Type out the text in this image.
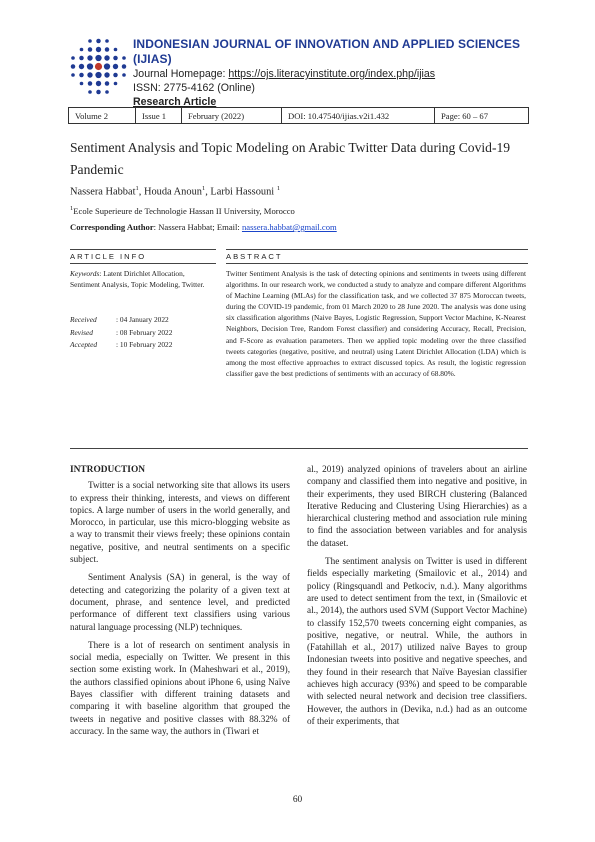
INDONESIAN JOURNAL OF INNOVATION AND APPLIED SCIENCES (IJIAS)
Journal Homepage: https://ojs.literacyinstitute.org/index.php/ijias
ISSN: 2775-4162 (Online)
Research Article
Volume 2	Issue 1	February (2022)	DOI: 10.47540/ijias.v2i1.432	Page: 60 – 67
Sentiment Analysis and Topic Modeling on Arabic Twitter Data during Covid-19 Pandemic
Nassera Habbat$^1$, Houda Anoun$^1$, Larbi Hassouni $^1$
$^1$Ecole Superieure de Technologie Hassan II University, Morocco
Corresponding Author: Nassera Habbat; Email: nassera.habbat@gmail.com
ARTICLE INFO	ABSTRACT
Keywords: Latent Dirichlet Allocation, Sentiment Analysis, Topic Modeling, Twitter.
Received	: 04 January 2022
Revised	: 08 February 2022
Accepted	: 10 February 2022
Twitter Sentiment Analysis is the task of detecting opinions and sentiments in tweets using different algorithms. In our research work, we conducted a study to analyze and compare different Algorithms of Machine Learning (MLAs) for the classification task, and we collected 37 875 Moroccan tweets, during the COVID-19 pandemic, from 01 March 2020 to 28 June 2020. The analysis was done using six classification algorithms (Naive Bayes, Logistic Regression, Support Vector Machine, K-Nearest Neighbors, Decision Tree, Random Forest classifier) and considering Accuracy, Recall, Precision, and F-Score as evaluation parameters. Then we applied topic modeling over the three classified tweets categories (negative, positive, and neutral) using Latent Dirichlet Allocation (LDA) which is among the most effective approaches to extract discussed topics. As result, the logistic regression classifier gave the best predictions of sentiments with an accuracy of 68.80%.
INTRODUCTION

Twitter is a social networking site that allows its users to express their thinking, interests, and views on different topics. A large number of users in the world generally, and Morocco, in particular, use this micro-blogging website as a way to transmit their views freely; these opinions contain negative, positive, and neutral sentiments on a specific subject.

Sentiment Analysis (SA) in general, is the way of detecting and categorizing the polarity of a given text at document, phrase, and sentence level, and predicted performance of different text classifiers using various natural language processing (NLP) techniques.

There is a lot of research on sentiment analysis in social media, especially on Twitter. We present in this section some existing work. In (Maheshwari et al., 2019), the authors classified opinions about iPhone 6, using Naïve Bayes classifier with different training datasets and comparing it with baseline algorithm that grouped the tweets in negative and positive classes with 88.32% of accuracy. In the same way, the authors in (Tiwari et

al., 2019) analyzed opinions of travelers about an airline company and classified them into negative and positive, in their experiments, they used BIRCH clustering (Balanced Iterative Reducing and Clustering Using Hierarchies) as a hierarchical clustering method and association rule mining to find the association between variables and for analysis the dataset.

The sentiment analysis on Twitter is used in different fields especially marketing (Smailovic et al., 2014) and policy (Ringsquandl and Petkociv, n.d.). Many algorithms are used to detect sentiment from the text, in (Smailovic et al., 2014), the authors used SVM (Support Vector Machine) to classify 152,570 tweets concerning eight companies, as positive, negative, or neutral. While, the authors in (Fatahillah et al., 2017) utilized naïve Bayes to group Indonesian tweets into positive and negative speeches, and they found in their research that Naïve Bayesian classifier achieves high accuracy (93%) and speed to be comparable with selected neural network and decision tree classifiers. However, the authors in (Devika, n.d.) had as an outcome of their experiments, that

60
